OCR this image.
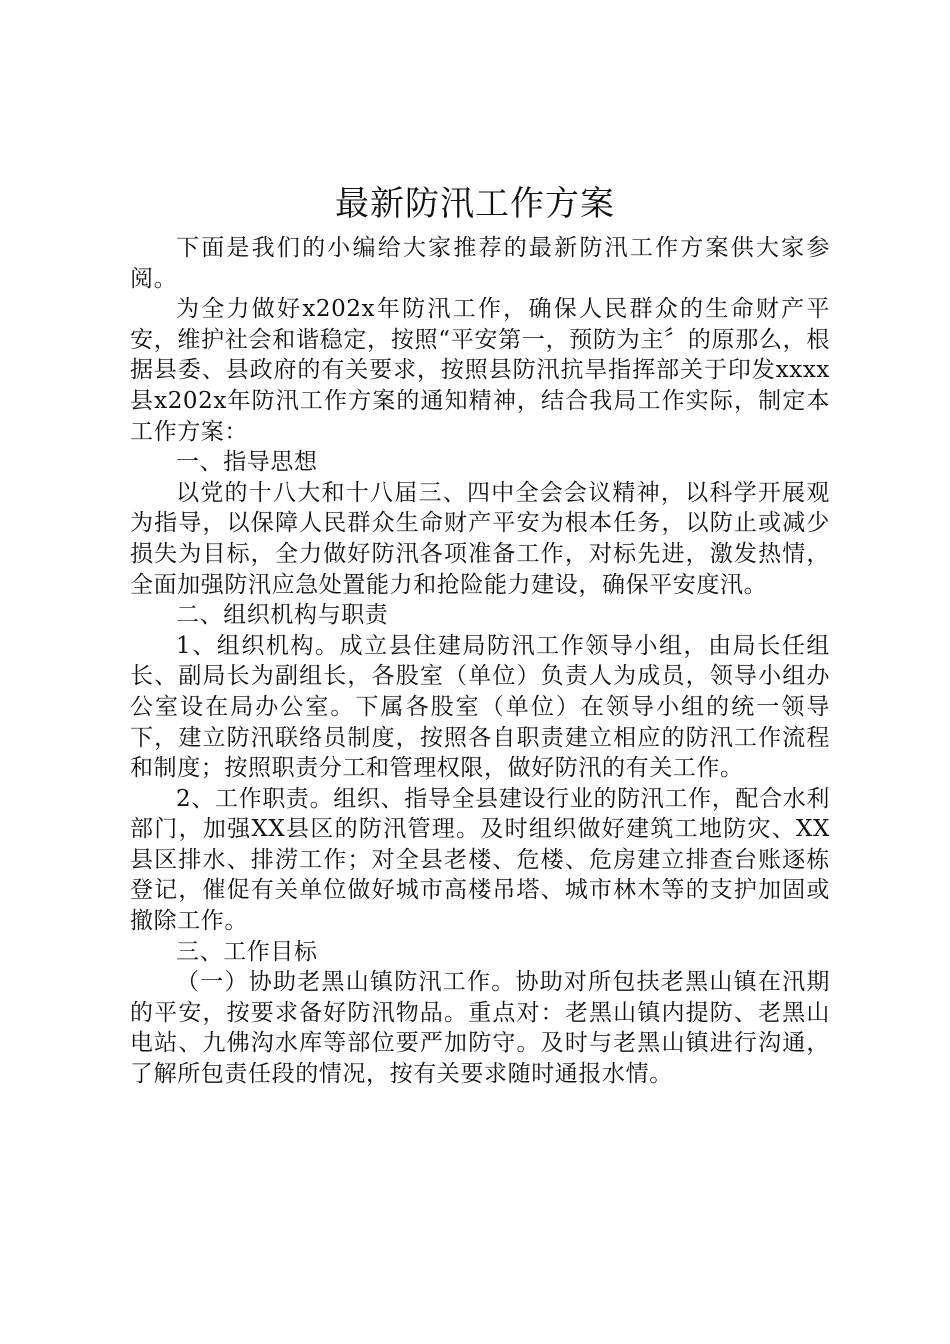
最新防汛工作方案

下面是我们的小编给大家推荐的最新防汛工作方案供大家参阅。

为全力做好x202x年防汛工作，确保人民群众的生命财产平安，维护社会和谐稳定，按照“平安第一，预防为主〞的原那么，根据县委、县政府的有关要求，按照县防汛抗旱指挥部关于印发xxxx县x202x年防汛工作方案的通知精神，结合我局工作实际，制定本工作方案：

一、指导思想

以党的十八大和十八届三、四中全会会议精神，以科学开展观为指导，以保障人民群众生命财产平安为根本任务，以防止或减少损失为目标，全力做好防汛各项准备工作，对标先进，激发热情，全面加强防汛应急处置能力和抢险能力建设，确保平安度汛。

二、组织机构与职责

1、组织机构。成立县住建局防汛工作领导小组，由局长任组长、副局长为副组长，各股室（单位）负责人为成员，领导小组办公室设在局办公室。下属各股室（单位）在领导小组的统一领导下，建立防汛联络员制度，按照各自职责建立相应的防汛工作流程和制度；按照职责分工和管理权限，做好防汛的有关工作。

2、工作职责。组织、指导全县建设行业的防汛工作，配合水利部门，加强XX县区的防汛管理。及时组织做好建筑工地防灾、XX县区排水、排涝工作；对全县老楼、危楼、危房建立排查台账逐栋登记，催促有关单位做好城市高楼吊塔、城市林木等的支护加固或撤除工作。

三、工作目标

（一）协助老黑山镇防汛工作。协助对所包扶老黑山镇在汛期的平安，按要求备好防汛物品。重点对：老黑山镇内提防、老黑山电站、九佛沟水库等部位要严加防守。及时与老黑山镇进行沟通，了解所包责任段的情况，按有关要求随时通报水情。
